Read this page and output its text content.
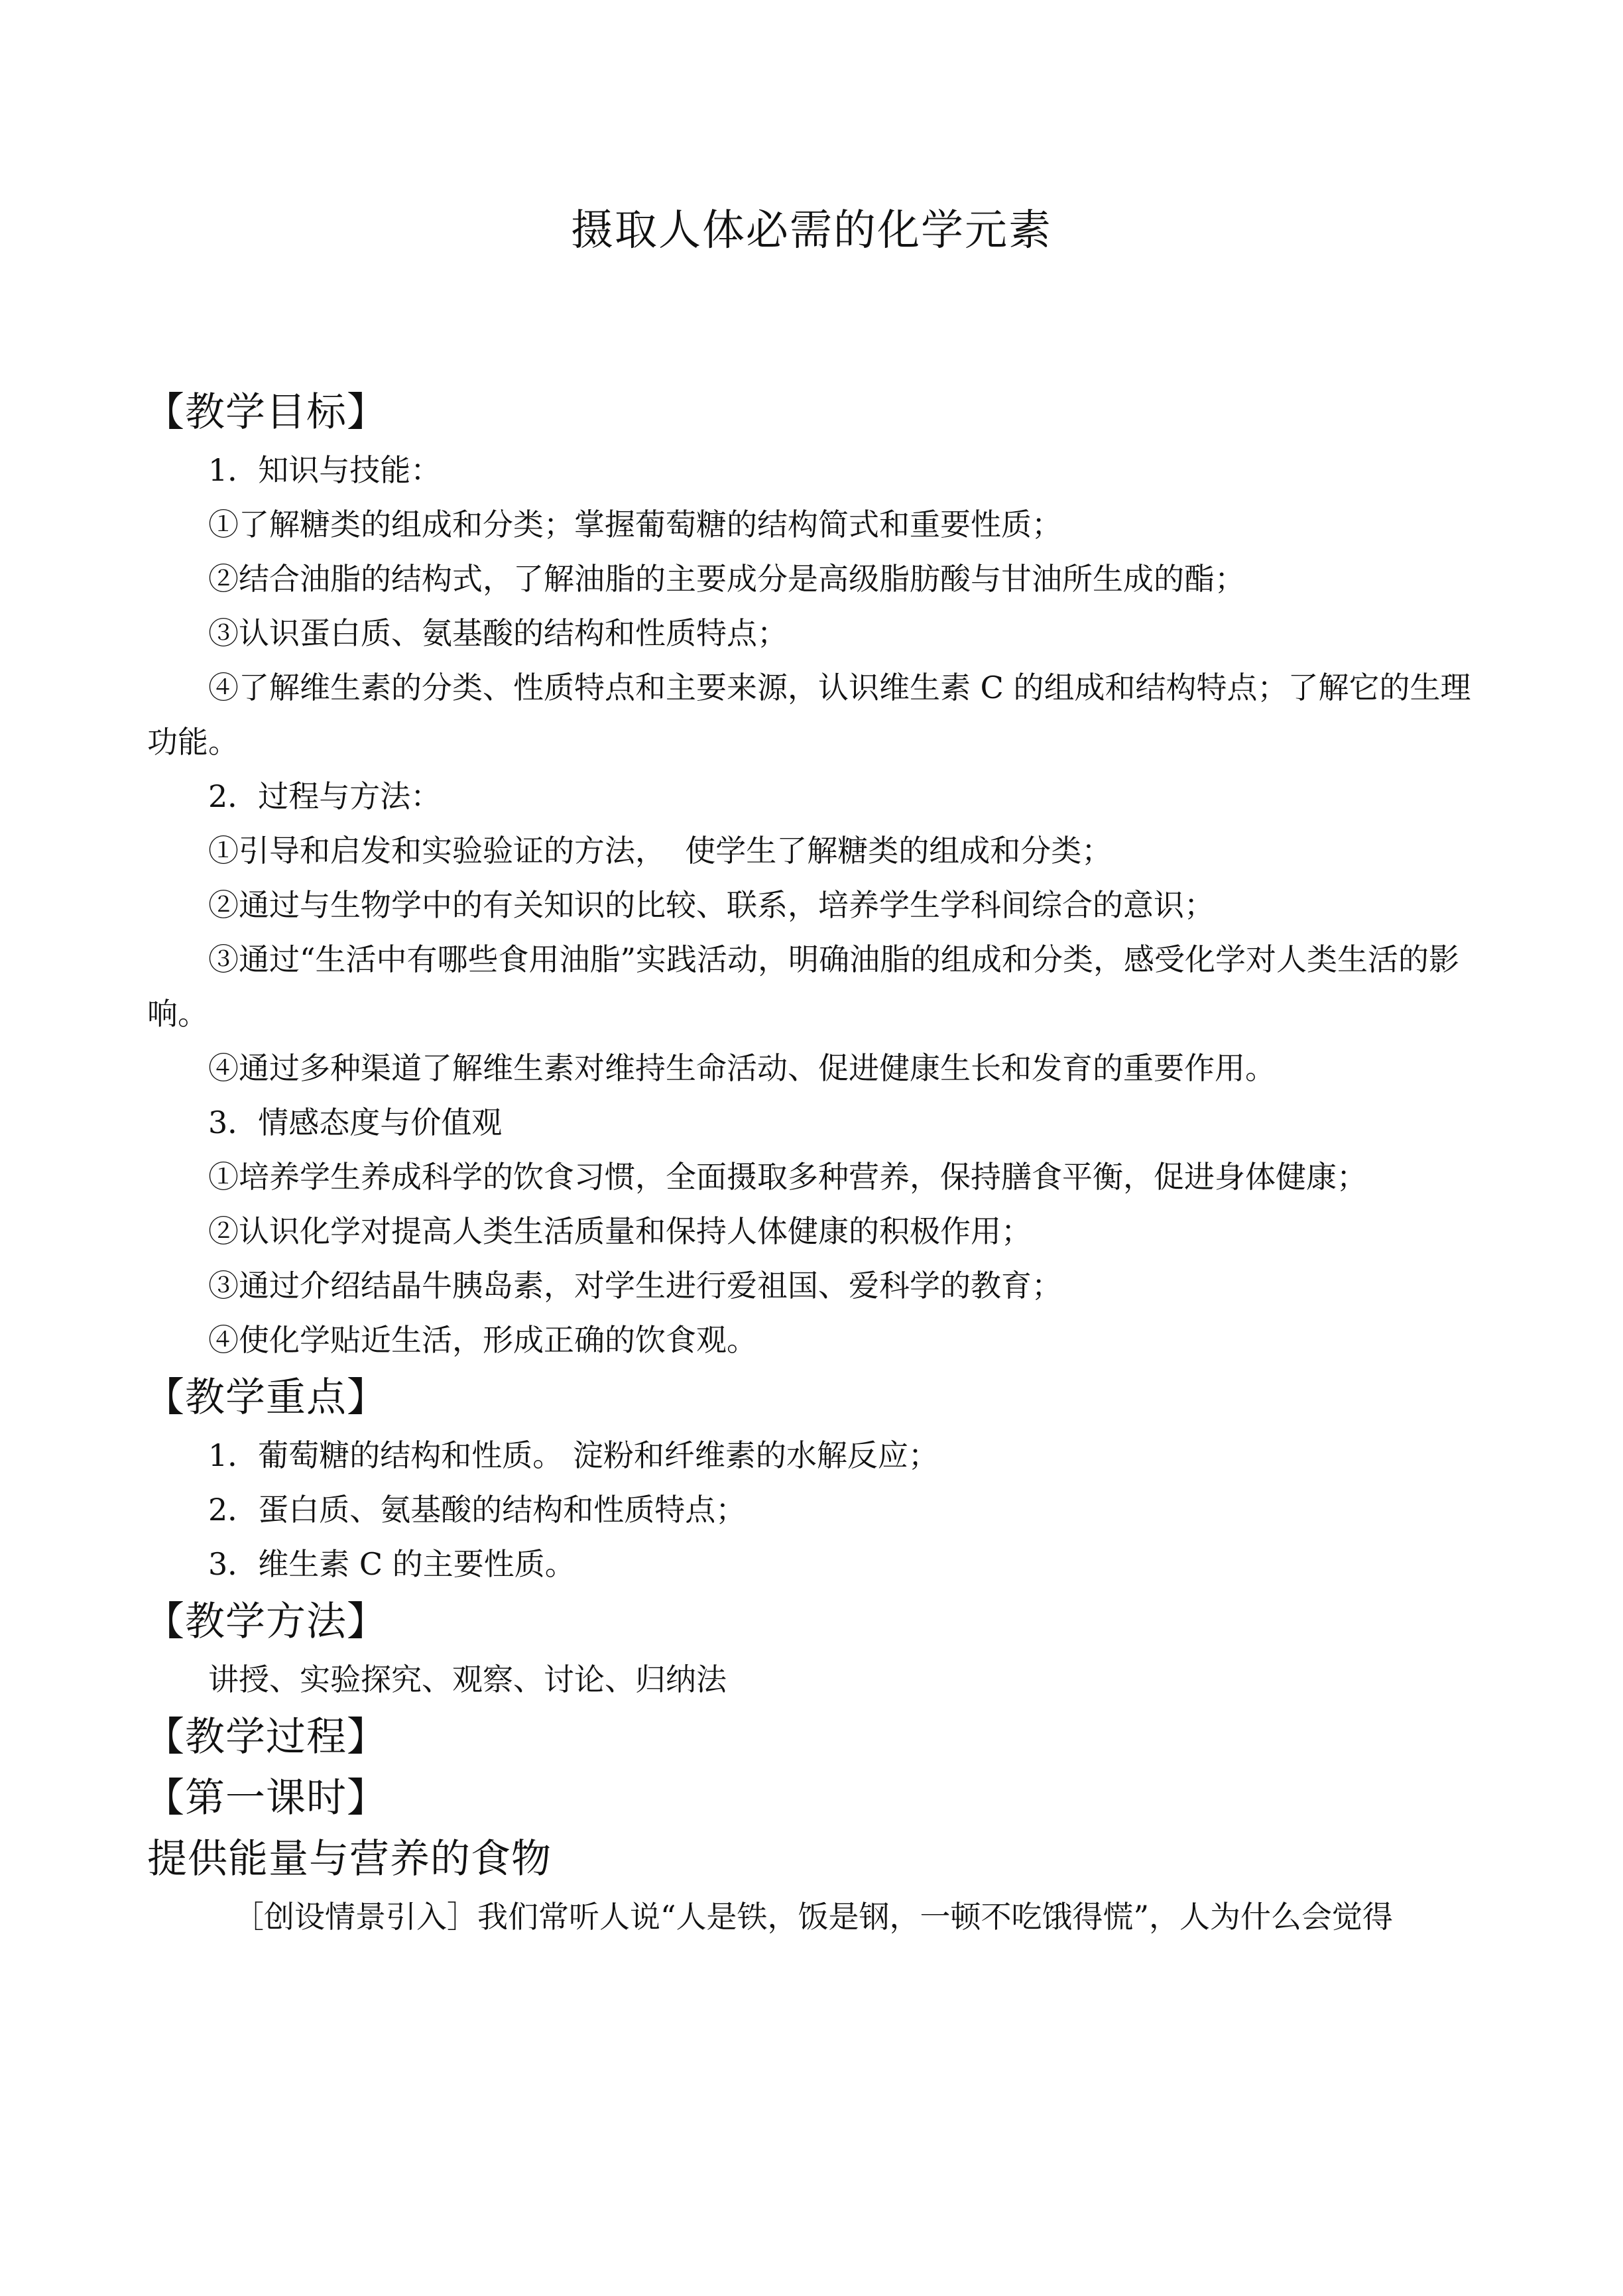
摄取人体必需的化学元素
【教学目标】
1．知识与技能：
①了解糖类的组成和分类；掌握葡萄糖的结构简式和重要性质；
②结合油脂的结构式，了解油脂的主要成分是高级脂肪酸与甘油所生成的酯；
③认识蛋白质、氨基酸的结构和性质特点；
④了解维生素的分类、性质特点和主要来源，认识维生素 C 的组成和结构特点；了解它的生理功能。
2．过程与方法：
①引导和启发和实验验证的方法，  使学生了解糖类的组成和分类；
②通过与生物学中的有关知识的比较、联系，培养学生学科间综合的意识；
③通过“生活中有哪些食用油脂”实践活动，明确油脂的组成和分类，感受化学对人类生活的影响。
④通过多种渠道了解维生素对维持生命活动、促进健康生长和发育的重要作用。
3．情感态度与价值观
①培养学生养成科学的饮食习惯，全面摄取多种营养，保持膳食平衡，促进身体健康；
②认识化学对提高人类生活质量和保持人体健康的积极作用；
③通过介绍结晶牛胰岛素，对学生进行爱祖国、爱科学的教育；
④使化学贴近生活，形成正确的饮食观。
【教学重点】
1．葡萄糖的结构和性质。 淀粉和纤维素的水解反应；
2．蛋白质、氨基酸的结构和性质特点；
3．维生素 C 的主要性质。
【教学方法】
讲授、实验探究、观察、讨论、归纳法
【教学过程】
【第一课时】
提供能量与营养的食物
［创设情景引入］我们常听人说“人是铁，饭是钢，一顿不吃饿得慌”，人为什么会觉得
